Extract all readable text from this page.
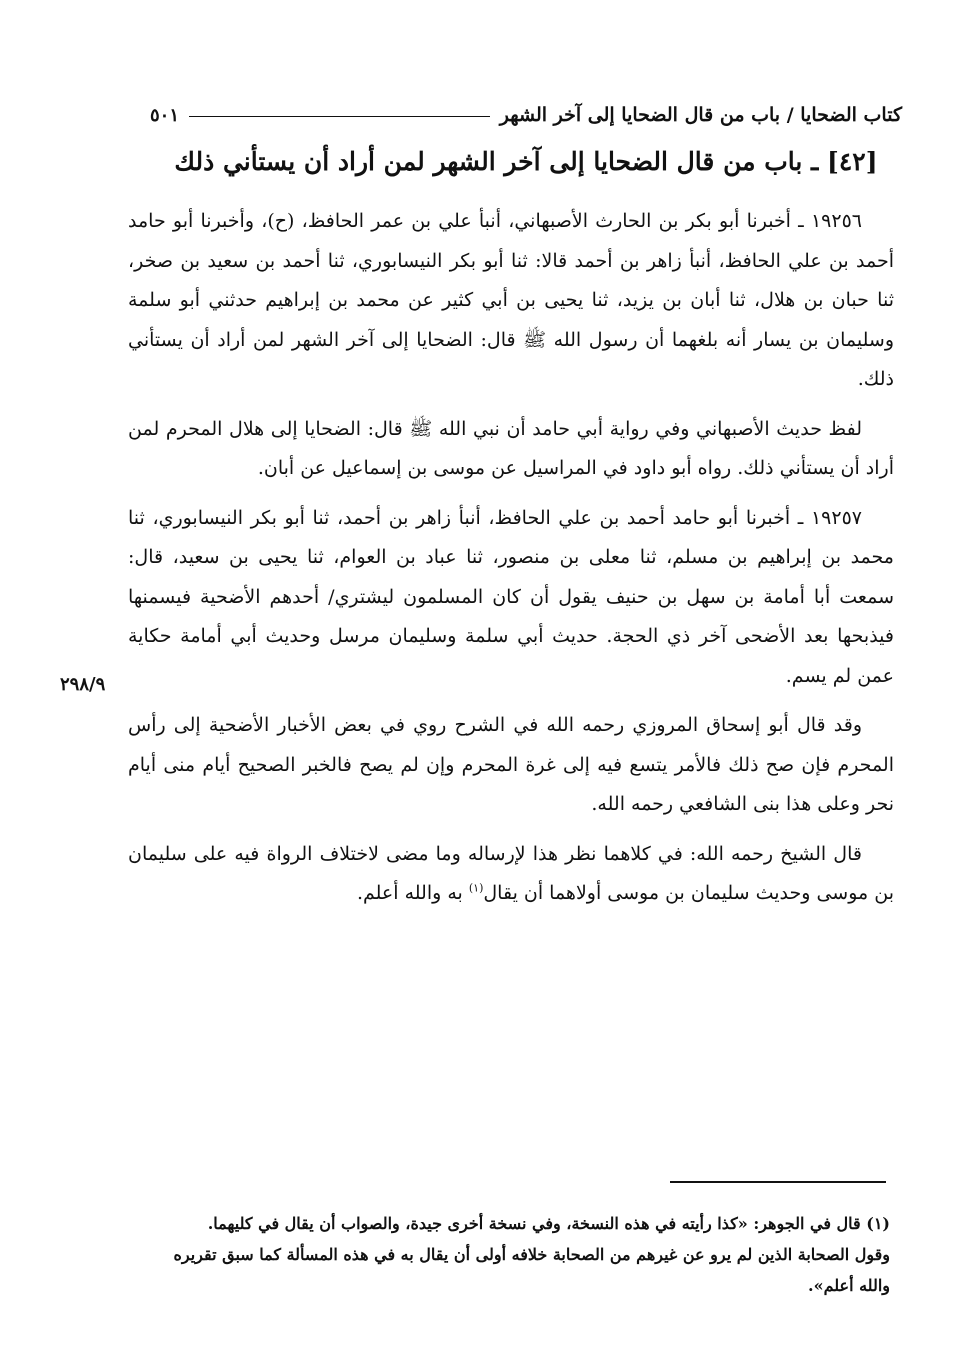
كتاب الضحايا / باب من قال الضحايا إلى آخر الشهر
٥٠١
[٤٢] ـ باب من قال الضحايا إلى آخر الشهر لمن أراد أن يستأني ذلك

١٩٢٥٦ ـ أخبرنا أبو بكر بن الحارث الأصبهاني، أنبأ علي بن عمر الحافظ، (ح)، وأخبرنا أبو حامد أحمد بن علي الحافظ، أنبأ زاهر بن أحمد قالا: ثنا أبو بكر النيسابوري، ثنا أحمد بن سعيد بن صخر، ثنا حبان بن هلال، ثنا أبان بن يزيد، ثنا يحيى بن أبي كثير عن محمد بن إبراهيم حدثني أبو سلمة وسليمان بن يسار أنه بلغهما أن رسول الله ﷺ قال: الضحايا إلى آخر الشهر لمن أراد أن يستأني ذلك.

لفظ حديث الأصبهاني وفي رواية أبي حامد أن نبي الله ﷺ قال: الضحايا إلى هلال المحرم لمن أراد أن يستأني ذلك. رواه أبو داود في المراسيل عن موسى بن إسماعيل عن أبان.

١٩٢٥٧ ـ أخبرنا أبو حامد أحمد بن علي الحافظ، أنبأ زاهر بن أحمد، ثنا أبو بكر النيسابوري، ثنا محمد بن إبراهيم بن مسلم، ثنا معلى بن منصور، ثنا عباد بن العوام، ثنا يحيى بن سعيد، قال: سمعت أبا أمامة بن سهل بن حنيف يقول أن كان المسلمون ليشتري/ أحدهم الأضحية فيسمنها فيذبحها بعد الأضحى آخر ذي الحجة. حديث أبي سلمة وسليمان مرسل وحديث أبي أمامة حكاية عمن لم يسم.

وقد قال أبو إسحاق المروزي رحمه الله في الشرح روي في بعض الأخبار الأضحية إلى رأس المحرم فإن صح ذلك فالأمر يتسع فيه إلى غرة المحرم وإن لم يصح فالخبر الصحيح أيام منى أيام نحر وعلى هذا بنى الشافعي رحمه الله.

قال الشيخ رحمه الله: في كلاهما نظر هذا لإرساله وما مضى لاختلاف الرواة فيه على سليمان بن موسى وحديث سليمان بن موسى أولاهما أن يقال$^{(١)}$ به والله أعلم.

٢٩٨/٩

(١) قال في الجوهر: «كذا رأيته في هذه النسخة، وفي نسخة أخرى جيدة، والصواب أن يقال في كليهما.

وقول الصحابة الذين لم يرو عن غيرهم من الصحابة خلافه أولى أن يقال به في هذه المسألة كما سبق تقريره والله أعلم».
